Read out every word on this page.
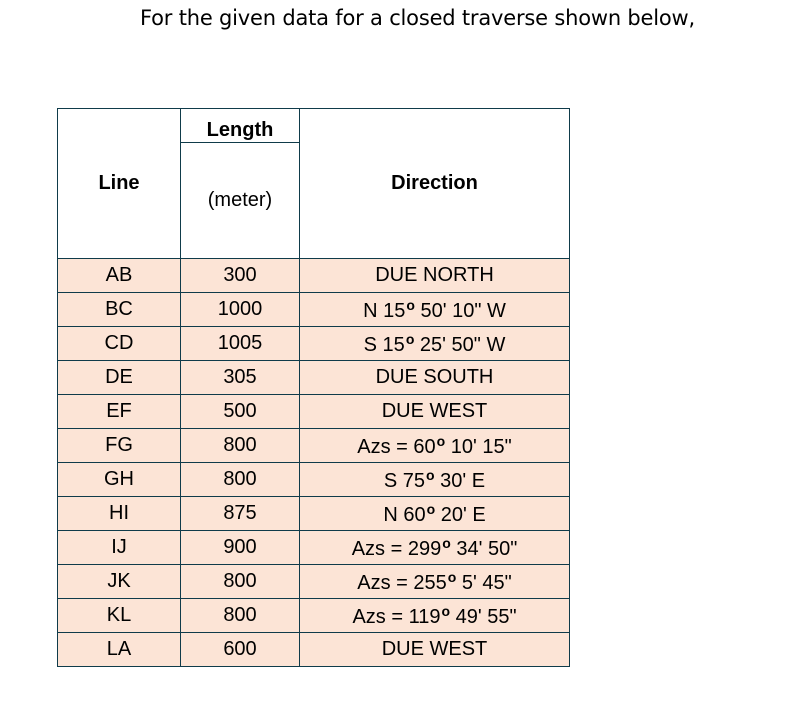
For the given data for a closed traverse shown below,
Line	Length	Direction
	(meter)	
AB	300	DUE NORTH
BC	1000	N 15$^o$ 50' 10" W
CD	1005	S 15$^o$ 25' 50" W
DE	305	DUE SOUTH
EF	500	DUE WEST
FG	800	Azs = $60^o$ 10' 15"
GH	800	S 75$^o$ 30' E
HI	875	N 60$^o$ 20' E
IJ	900	Azs = $299^o$ 34' 50"
JK	800	Azs = $255^o$ 5' 45"
KL	800	Azs = $119^o$ 49' 55"
LA	600	DUE WEST
